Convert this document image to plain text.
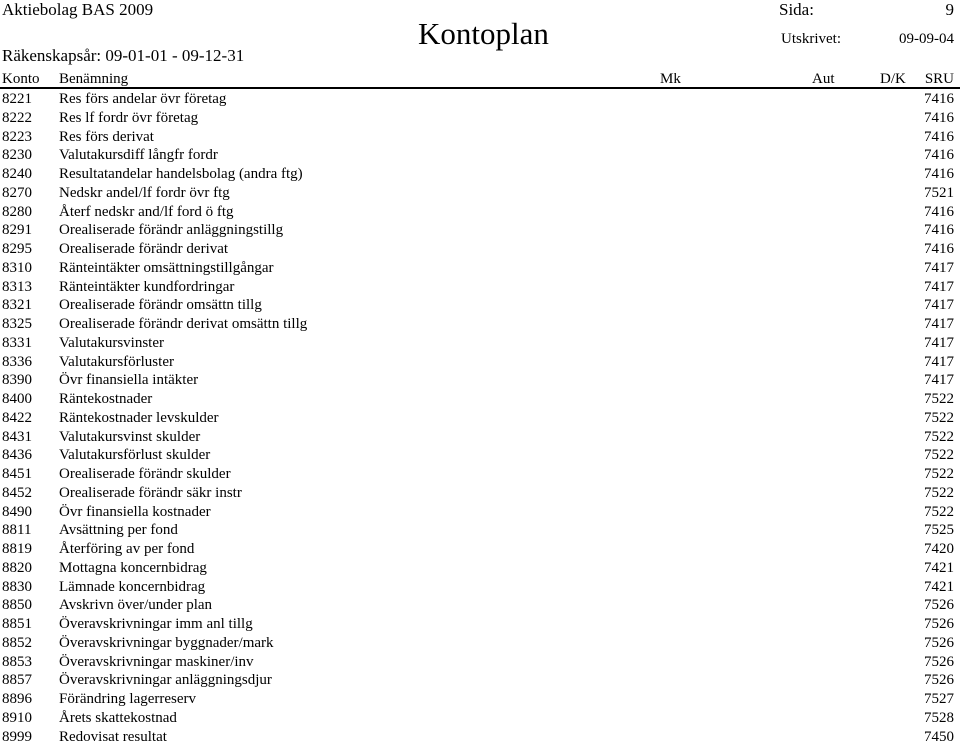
Aktiebolag BAS 2009	Sida:	9
Kontoplan
Räkenskapsår: 09-01-01 - 09-12-31
Utskrivet:	09-09-04
Konto Benämning	Mk	Aut	D/K SRU
8221 Res förs andelar övr företag	7416
8222 Res lf fordr övr företag	7416
8223 Res förs derivat	7416
8230 Valutakursdiff långfr fordr	7416
8240 Resultatandelar handelsbolag (andra ftg)	7416
8270 Nedskr andel/lf fordr övr ftg	7521
8280 Återf nedskr and/lf ford ö ftg	7416
8291 Orealiserade förändr anläggningstillg	7416
8295 Orealiserade förändr derivat	7416
8310 Ränteintäkter omsättningstillgångar	7417
8313 Ränteintäkter kundfordringar	7417
8321 Orealiserade förändr omsättn tillg	7417
8325 Orealiserade förändr derivat omsättn tillg	7417
8331 Valutakursvinster	7417
8336 Valutakursförluster	7417
8390 Övr finansiella intäkter	7417
8400 Räntekostnader	7522
8422 Räntekostnader levskulder	7522
8431 Valutakursvinst skulder	7522
8436 Valutakursförlust skulder	7522
8451 Orealiserade förändr skulder	7522
8452 Orealiserade förändr säkr instr	7522
8490 Övr finansiella kostnader	7522
8811 Avsättning per fond	7525
8819 Återföring av per fond	7420
8820 Mottagna koncernbidrag	7421
8830 Lämnade koncernbidrag	7421
8850 Avskrivn över/under plan	7526
8851 Överavskrivningar imm anl tillg	7526
8852 Överavskrivningar byggnader/mark	7526
8853 Överavskrivningar maskiner/inv	7526
8857 Överavskrivningar anläggningsdjur	7526
8896 Förändring lagerreserv	7527
8910 Årets skattekostnad	7528
8999 Redovisat resultat	7450
